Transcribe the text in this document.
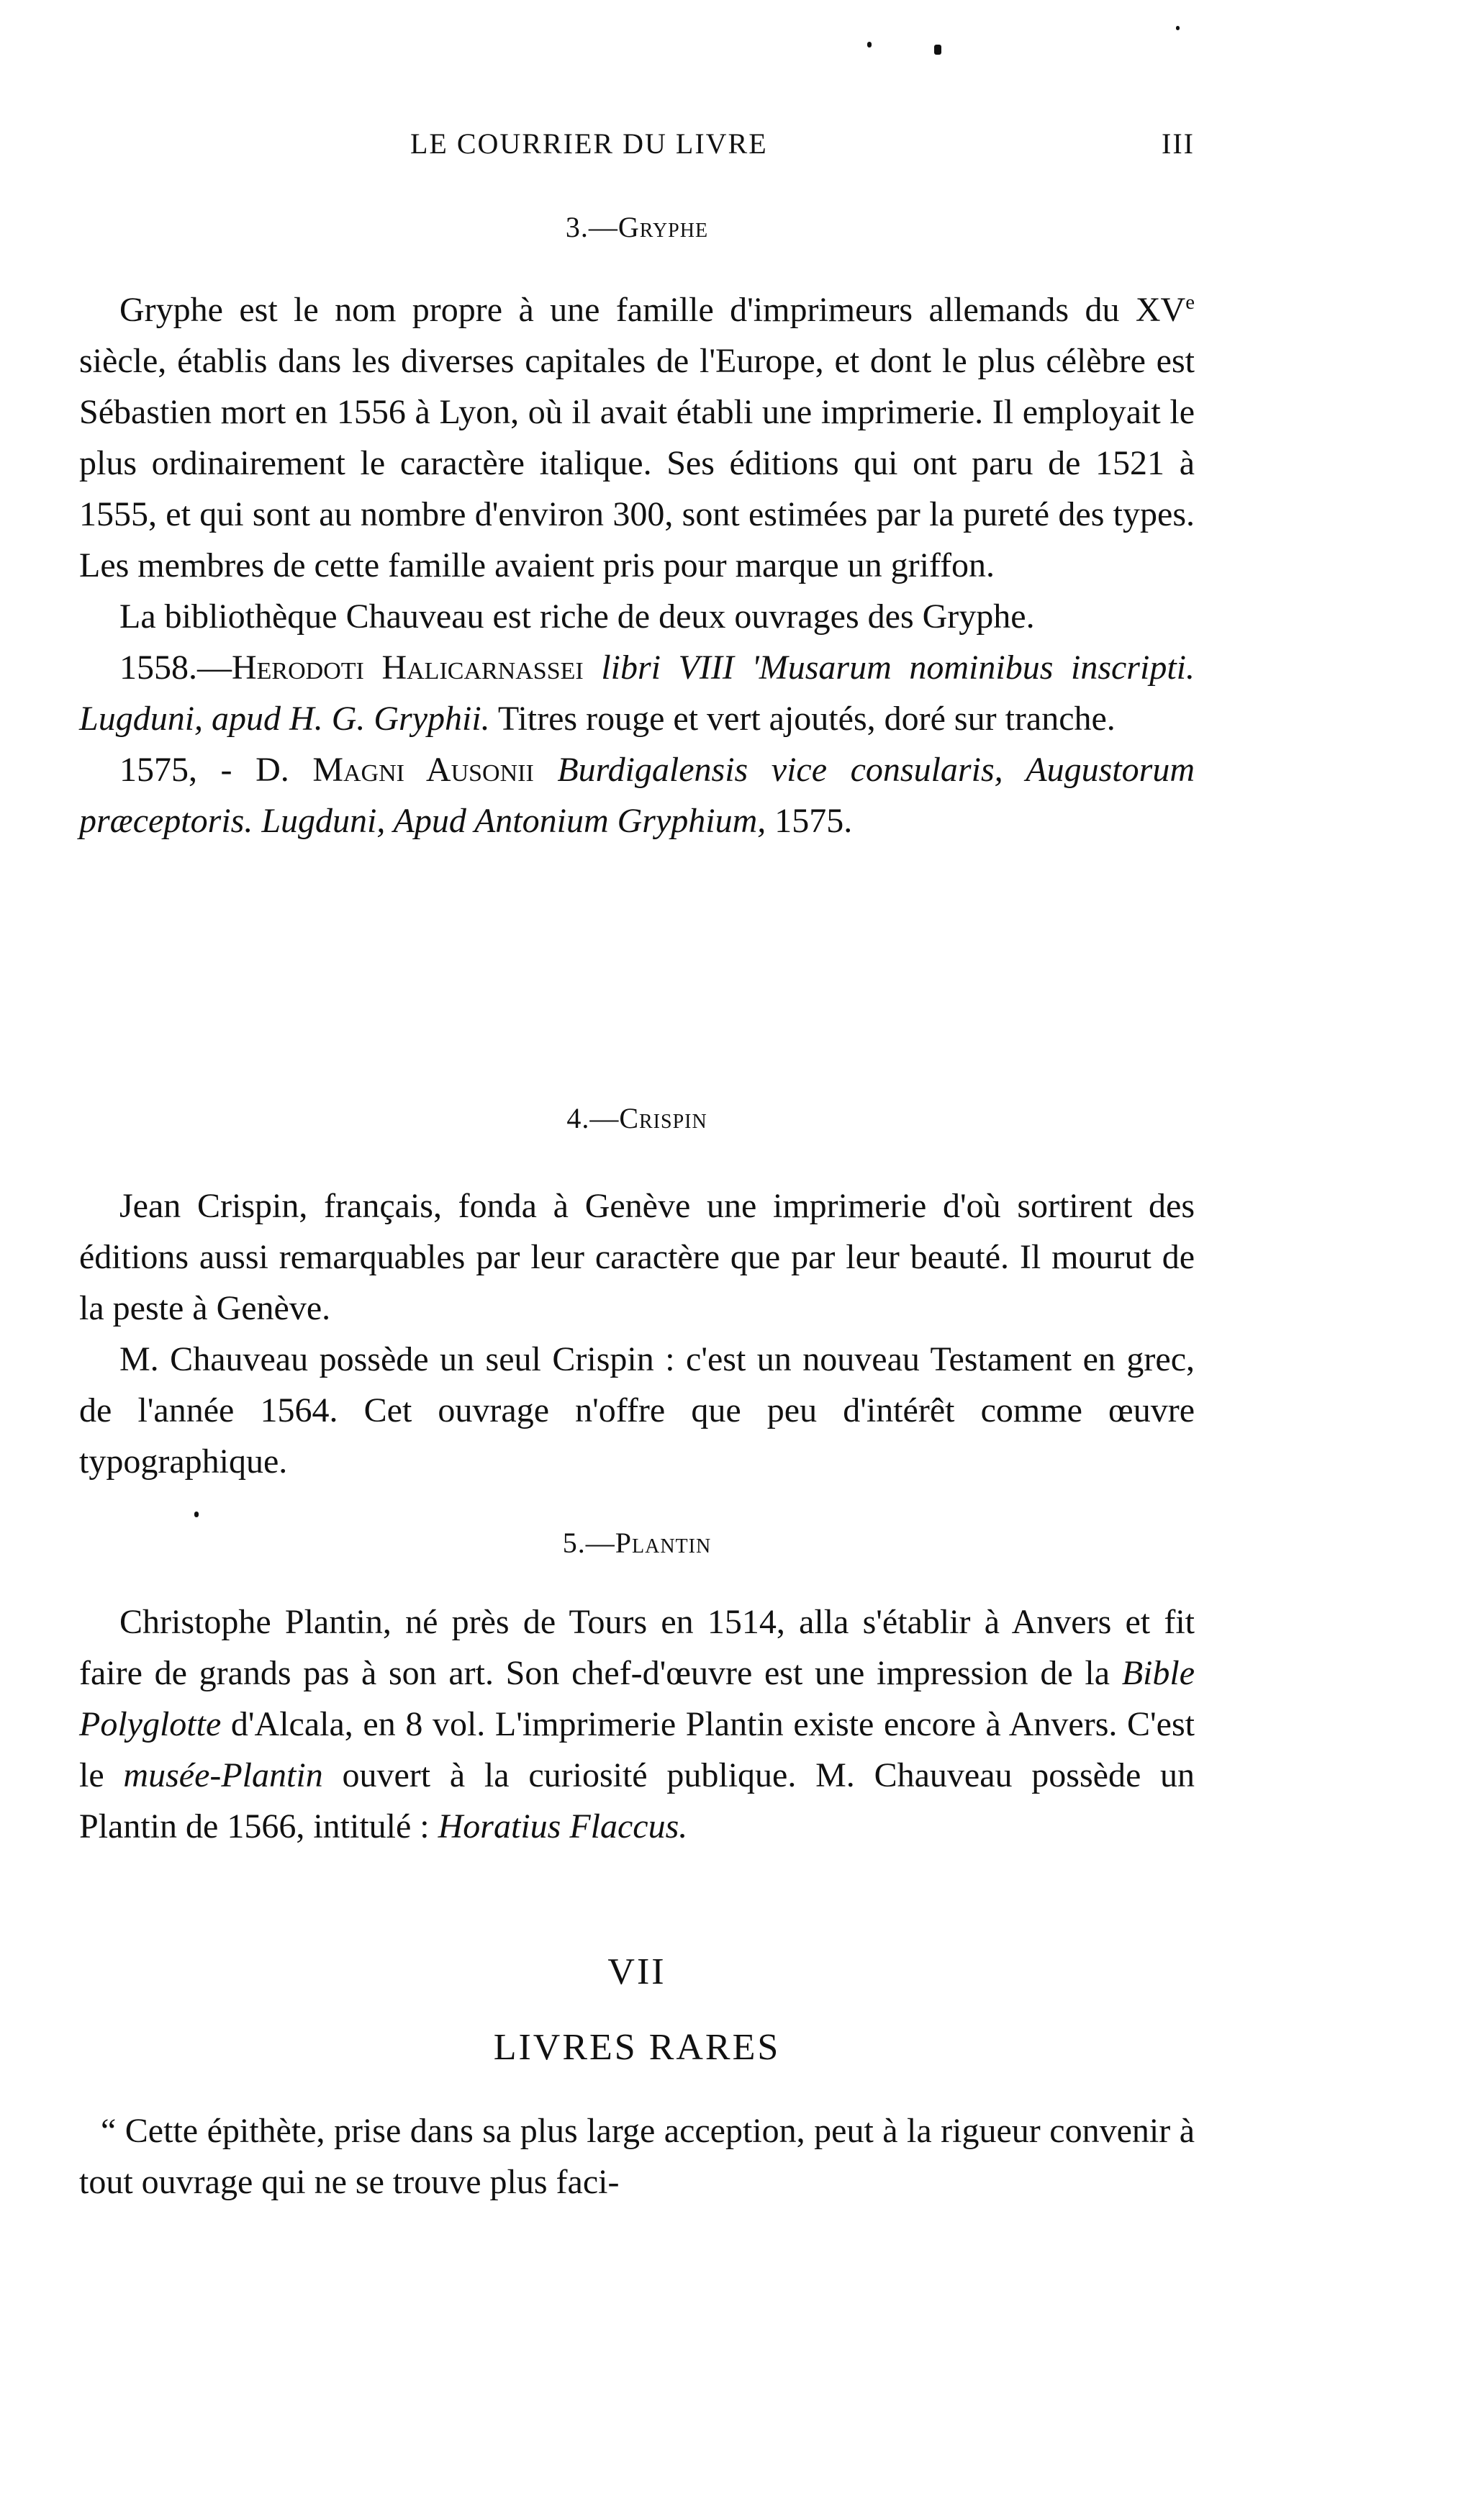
LE COURRIER DU LIVRE	III
3.—Gryphe

Gryphe est le nom propre à une famille d'imprimeurs allemands du XVe siècle, établis dans les diverses capitales de l'Europe, et dont le plus célèbre est Sébastien mort en 1556 à Lyon, où il avait établi une imprimerie. Il employait le plus ordinairement le caractère italique. Ses éditions qui ont paru de 1521 à 1555, et qui sont au nombre d'environ 300, sont estimées par la pureté des types. Les membres de cette famille avaient pris pour marque un griffon.

La bibliothèque Chauveau est riche de deux ouvrages des Gryphe.

1558.—Herodoti Halicarnassei libri VIII 'Musarum nominibus inscripti. Lugduni, apud H. G. Gryphii. Titres rouge et vert ajoutés, doré sur tranche.

1575, - D. Magni Ausonii Burdigalensis vice consularis, Augustorum præceptoris. Lugduni, Apud Antonium Gryphium, 1575.

4.—Crispin

Jean Crispin, français, fonda à Genève une imprimerie d'où sortirent des éditions aussi remarquables par leur caractère que par leur beauté. Il mourut de la peste à Genève.

M. Chauveau possède un seul Crispin : c'est un nouveau Testament en grec, de l'année 1564. Cet ouvrage n'offre que peu d'intérêt comme œuvre typographique.

5.—Plantin

Christophe Plantin, né près de Tours en 1514, alla s'établir à Anvers et fit faire de grands pas à son art. Son chef-d'œuvre est une impression de la Bible Polyglotte d'Alcala, en 8 vol. L'imprimerie Plantin existe encore à Anvers. C'est le musée-Plantin ouvert à la curiosité publique. M. Chauveau possède un Plantin de 1566, intitulé : Horatius Flaccus.

VII
LIVRES RARES

“ Cette épithète, prise dans sa plus large acception, peut à la rigueur convenir à tout ouvrage qui ne se trouve plus faci-
